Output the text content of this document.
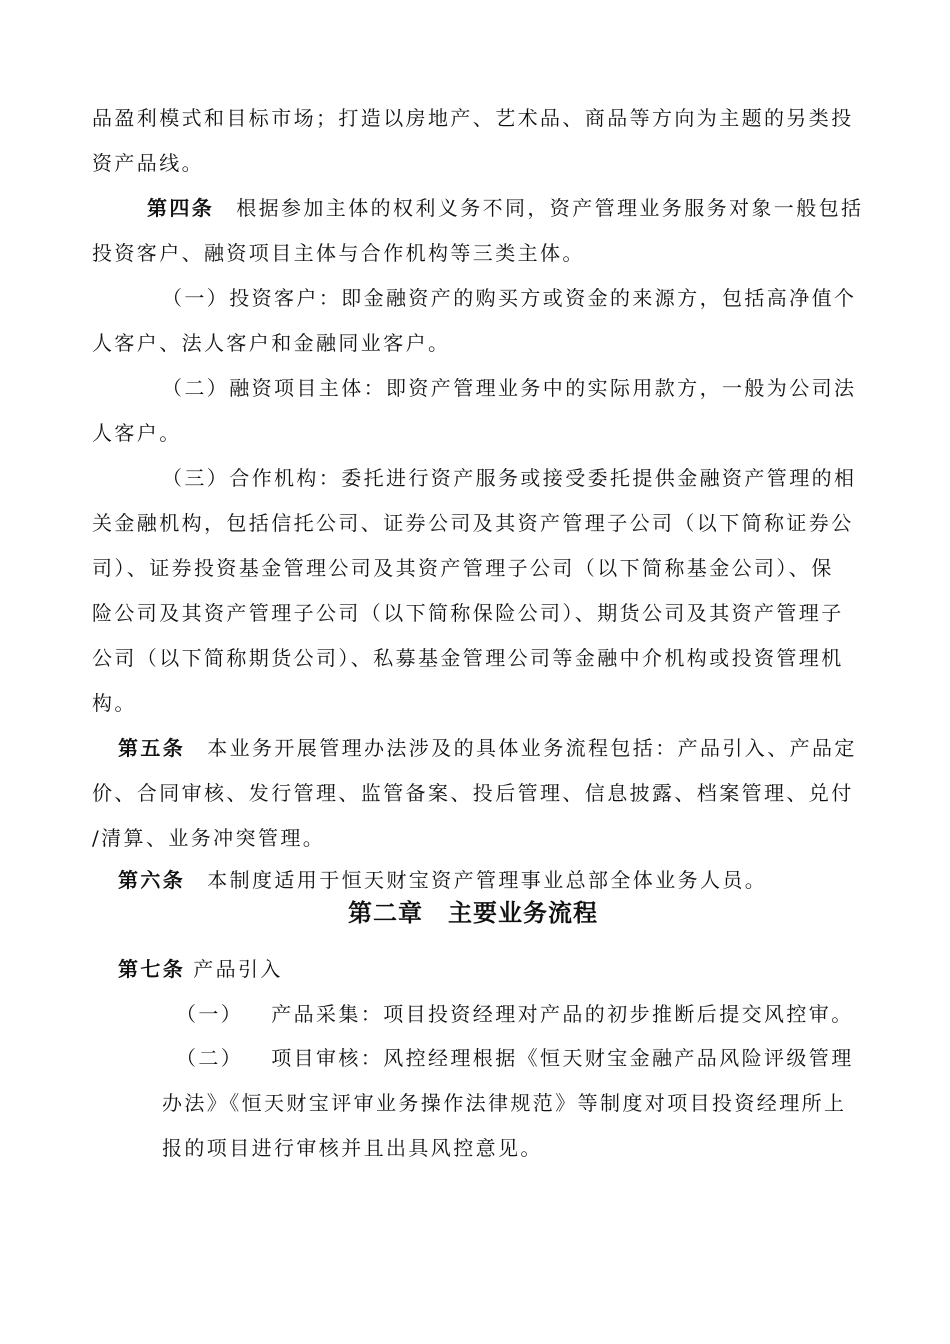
品盈利模式和目标市场；打造以房地产、艺术品、商品等方向为主题的另类投
资产品线。
第四条 根据参加主体的权利义务不同，资产管理业务服务对象一般包括
投资客户、融资项目主体与合作机构等三类主体。
（一）投资客户：即金融资产的购买方或资金的来源方，包括高净值个
人客户、法人客户和金融同业客户。
（二）融资项目主体：即资产管理业务中的实际用款方，一般为公司法
人客户。
（三）合作机构：委托进行资产服务或接受委托提供金融资产管理的相
关金融机构，包括信托公司、证券公司及其资产管理子公司（以下简称证券公
司）、证券投资基金管理公司及其资产管理子公司（以下简称基金公司）、保
险公司及其资产管理子公司（以下简称保险公司）、期货公司及其资产管理子
公司（以下简称期货公司）、私募基金管理公司等金融中介机构或投资管理机
构。
第五条 本业务开展管理办法涉及的具体业务流程包括：产品引入、产品定
价、合同审核、发行管理、监管备案、投后管理、信息披露、档案管理、兑付
/清算、业务冲突管理。
第六条 本制度适用于恒天财宝资产管理事业总部全体业务人员。
第二章　主要业务流程
第七条 产品引入
（一） 产品采集：项目投资经理对产品的初步推断后提交风控审。
（二） 项目审核：风控经理根据《恒天财宝金融产品风险评级管理
办法》《恒天财宝评审业务操作法律规范》等制度对项目投资经理所上
报的项目进行审核并且出具风控意见。
